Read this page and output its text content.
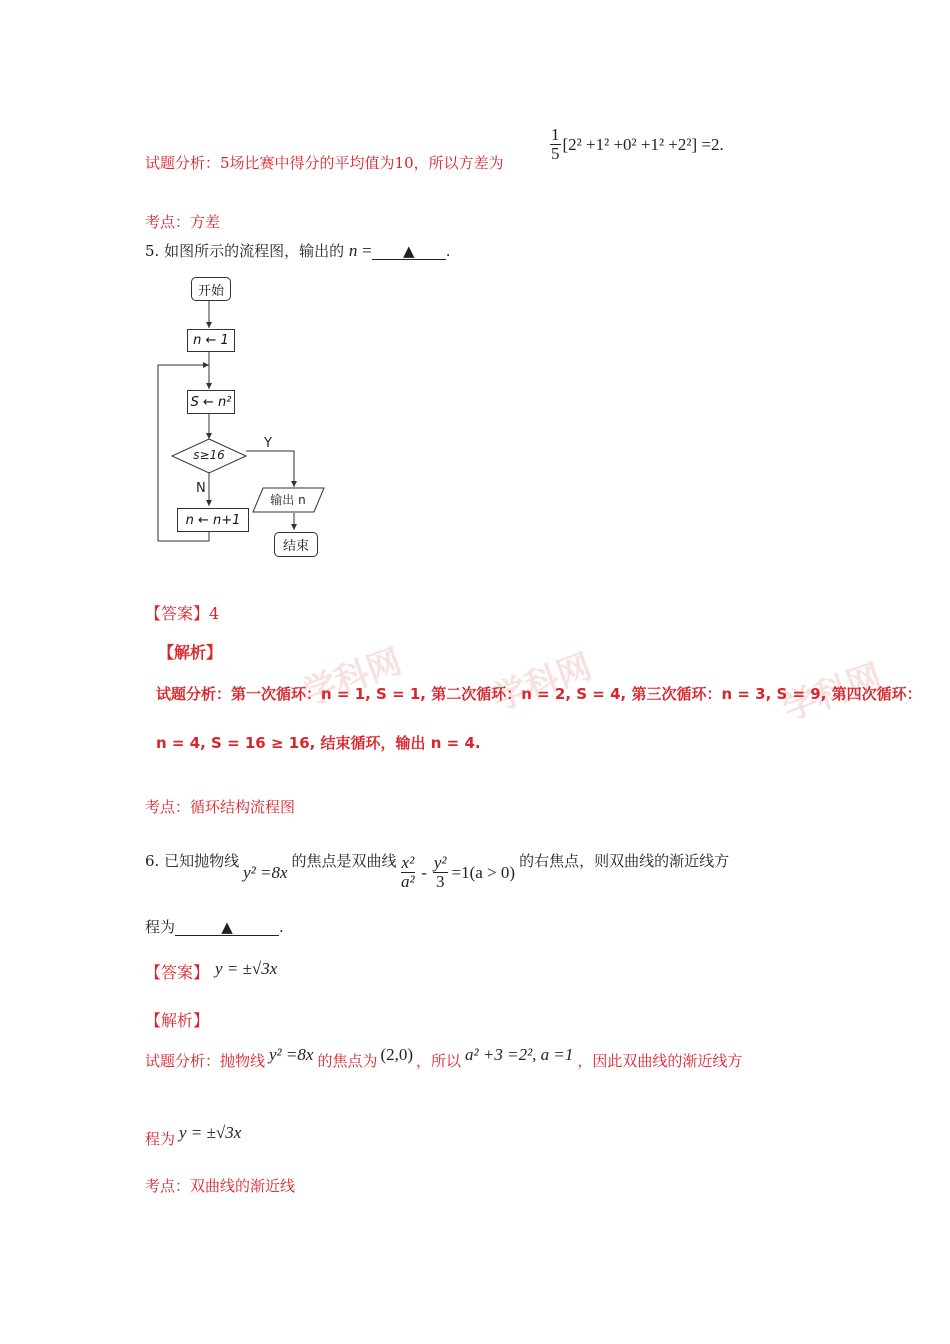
试题分析：5场比赛中得分的平均值为10，所以方差为	$\frac{1}{5} [2^2 +1^2 +0^2 +1^2 +2^2] =2$.
考点：方差
5. 如图所示的流程图，输出的 n = ▲ .
开始
n ← 1
S ← n²
s≥16
Y
N
输出 n
n ← n+1
结束
【答案】4
学科网 学科网	学科网
【解析】
试题分析：第一次循环：n = 1, S = 1, 第二次循环：n = 2, S = 4, 第三次循环：n = 3, S = 9, 第四次循环：
n = 4, S = 16 ≥ 16, 结束循环，输出 n = 4.
考点：循环结构流程图
6. 已知抛物线
y² =8x
的焦点是双曲线 $\frac{\text{x²}}{\text{a²}} - \frac{\text{y²}}{3} =1(a > 0)$
的右焦点，则双曲线的渐近线方
程为	▲	.
【答案】 y = ±√3x
【解析】
试题分析：抛物线 y² =8x 的焦点为 (2,0) ，所以 a² +3 =2², a =1 ，因此双曲线的渐近线方
程为 y = ±√3x
考点：双曲线的渐近线
